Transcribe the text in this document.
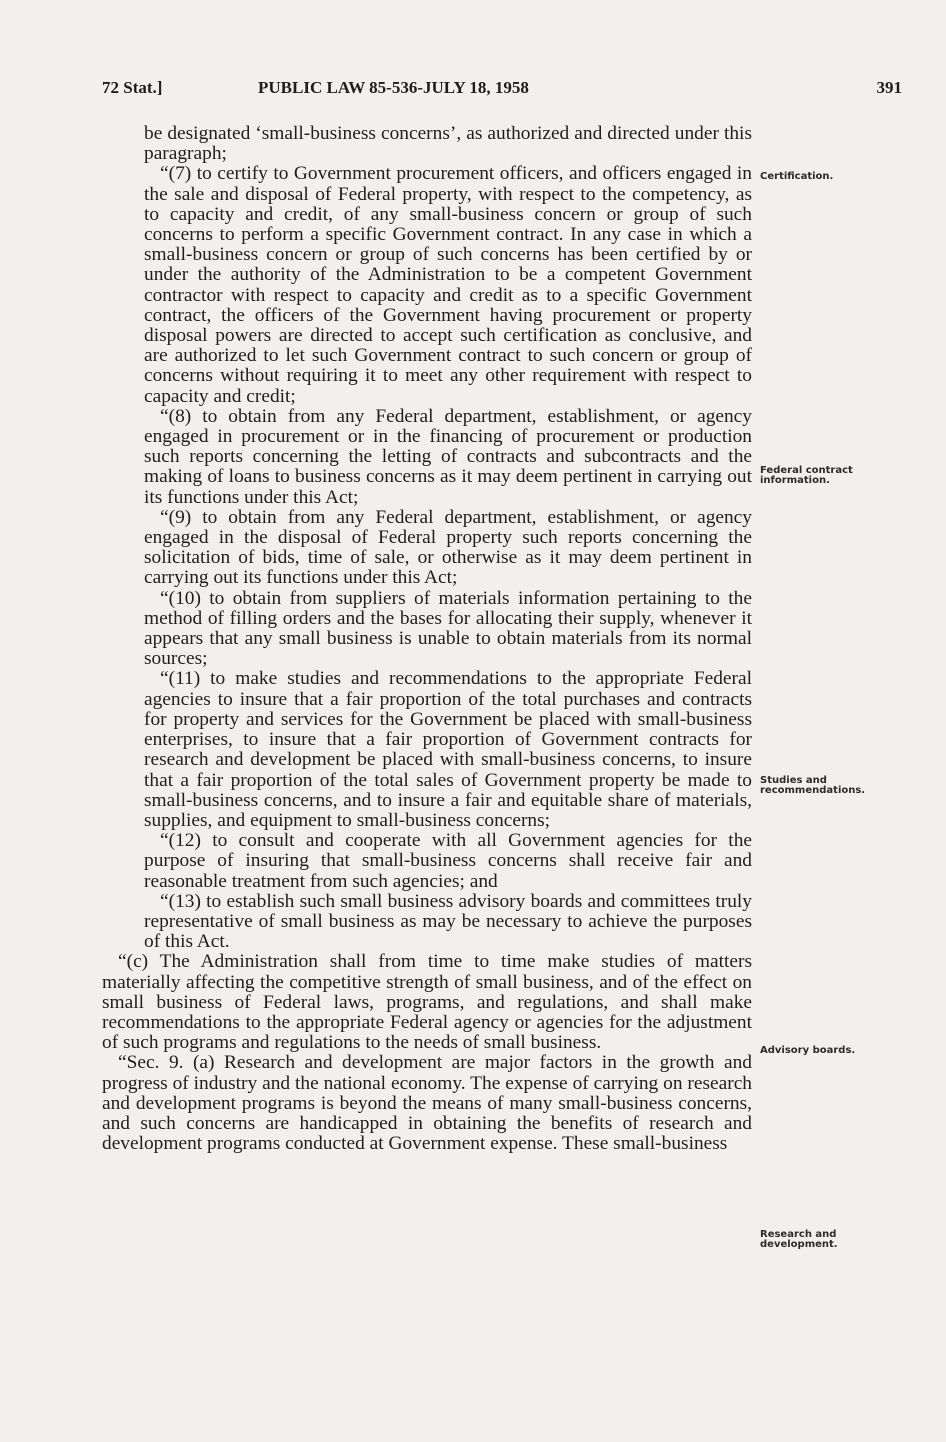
72 Stat.]	PUBLIC LAW 85-536-JULY 18, 1958	391

be designated ‘small-business concerns’, as authorized and directed under this paragraph;

“(7) to certify to Government procurement officers, and officers engaged in the sale and disposal of Federal property, with respect to the competency, as to capacity and credit, of any small-business concern or group of such concerns to perform a specific Government contract. In any case in which a small-business concern or group of such concerns has been certified by or under the authority of the Administration to be a competent Government contractor with respect to capacity and credit as to a specific Government contract, the officers of the Government having procurement or property disposal powers are directed to accept such certification as conclusive, and are authorized to let such Government contract to such concern or group of concerns without requiring it to meet any other requirement with respect to capacity and credit;

“(8) to obtain from any Federal department, establishment, or agency engaged in procurement or in the financing of procurement or production such reports concerning the letting of contracts and subcontracts and the making of loans to business concerns as it may deem pertinent in carrying out its functions under this Act;

“(9) to obtain from any Federal department, establishment, or agency engaged in the disposal of Federal property such reports concerning the solicitation of bids, time of sale, or otherwise as it may deem pertinent in carrying out its functions under this Act;

“(10) to obtain from suppliers of materials information pertaining to the method of filling orders and the bases for allocating their supply, whenever it appears that any small business is unable to obtain materials from its normal sources;

“(11) to make studies and recommendations to the appropriate Federal agencies to insure that a fair proportion of the total purchases and contracts for property and services for the Government be placed with small-business enterprises, to insure that a fair proportion of Government contracts for research and development be placed with small-business concerns, to insure that a fair proportion of the total sales of Government property be made to small-business concerns, and to insure a fair and equitable share of materials, supplies, and equipment to small-business concerns;

“(12) to consult and cooperate with all Government agencies for the purpose of insuring that small-business concerns shall receive fair and reasonable treatment from such agencies; and

“(13) to establish such small business advisory boards and committees truly representative of small business as may be necessary to achieve the purposes of this Act.

“(c) The Administration shall from time to time make studies of matters materially affecting the competitive strength of small business, and of the effect on small business of Federal laws, programs, and regulations, and shall make recommendations to the appropriate Federal agency or agencies for the adjustment of such programs and regulations to the needs of small business.

“Sec. 9. (a) Research and development are major factors in the growth and progress of industry and the national economy. The expense of carrying on research and development programs is beyond the means of many small-business concerns, and such concerns are handicapped in obtaining the benefits of research and development programs conducted at Government expense. These small-business

Certification.
Federal contract information.
Studies and recommendations.
Advisory boards.
Research and development.
